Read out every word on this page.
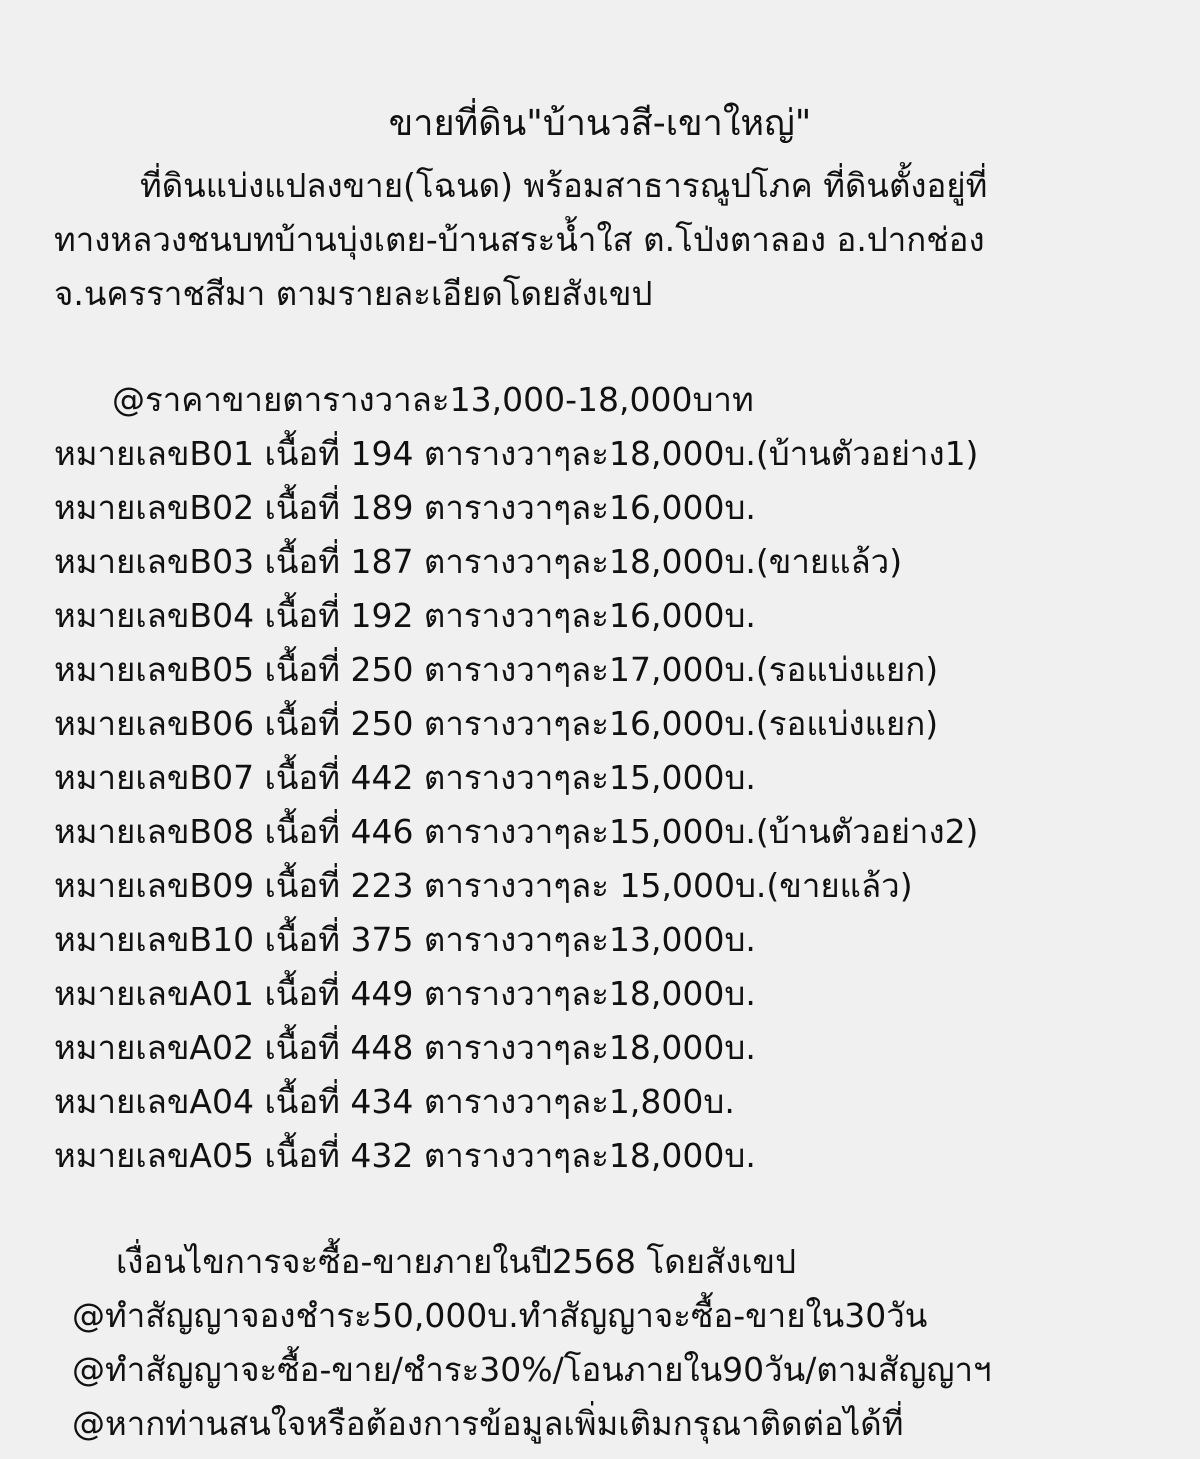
ขายที่ดิน"บ้านวสี-เขาใหญ่"
ที่ดินแบ่งแปลงขาย(โฉนด) พร้อมสาธารณูปโภค ที่ดินตั้งอยู่ที่
ทางหลวงชนบทบ้านบุ่งเตย-บ้านสระน้ำใส ต.โป่งตาลอง อ.ปากช่อง
จ.นครราชสีมา ตามรายละเอียดโดยสังเขป
@ราคาขายตารางวาละ13,000-18,000บาท
หมายเลขB01 เนื้อที่ 194 ตารางวาๆละ18,000บ.(บ้านตัวอย่าง1)
หมายเลขB02 เนื้อที่ 189 ตารางวาๆละ16,000บ.
หมายเลขB03 เนื้อที่ 187 ตารางวาๆละ18,000บ.(ขายแล้ว)
หมายเลขB04 เนื้อที่ 192 ตารางวาๆละ16,000บ.
หมายเลขB05 เนื้อที่ 250 ตารางวาๆละ17,000บ.(รอแบ่งแยก)
หมายเลขB06 เนื้อที่ 250 ตารางวาๆละ16,000บ.(รอแบ่งแยก)
หมายเลขB07 เนื้อที่ 442 ตารางวาๆละ15,000บ.
หมายเลขB08 เนื้อที่ 446 ตารางวาๆละ15,000บ.(บ้านตัวอย่าง2)
หมายเลขB09 เนื้อที่ 223 ตารางวาๆละ 15,000บ.(ขายแล้ว)
หมายเลขB10 เนื้อที่ 375 ตารางวาๆละ13,000บ.
หมายเลขA01 เนื้อที่ 449 ตารางวาๆละ18,000บ.
หมายเลขA02 เนื้อที่ 448 ตารางวาๆละ18,000บ.
หมายเลขA04 เนื้อที่ 434 ตารางวาๆละ1,800บ.
หมายเลขA05 เนื้อที่ 432 ตารางวาๆละ18,000บ.
เงื่อนไขการจะซื้อ-ขายภายในปี2568 โดยสังเขป
@ทำสัญญาจองชำระ50,000บ.ทำสัญญาจะซื้อ-ขายใน30วัน
@ทำสัญญาจะซื้อ-ขาย/ชำระ30%/โอนภายใน90วัน/ตามสัญญาฯ
@หากท่านสนใจหรือต้องการข้อมูลเพิ่มเติมกรุณาติดต่อได้ที่
